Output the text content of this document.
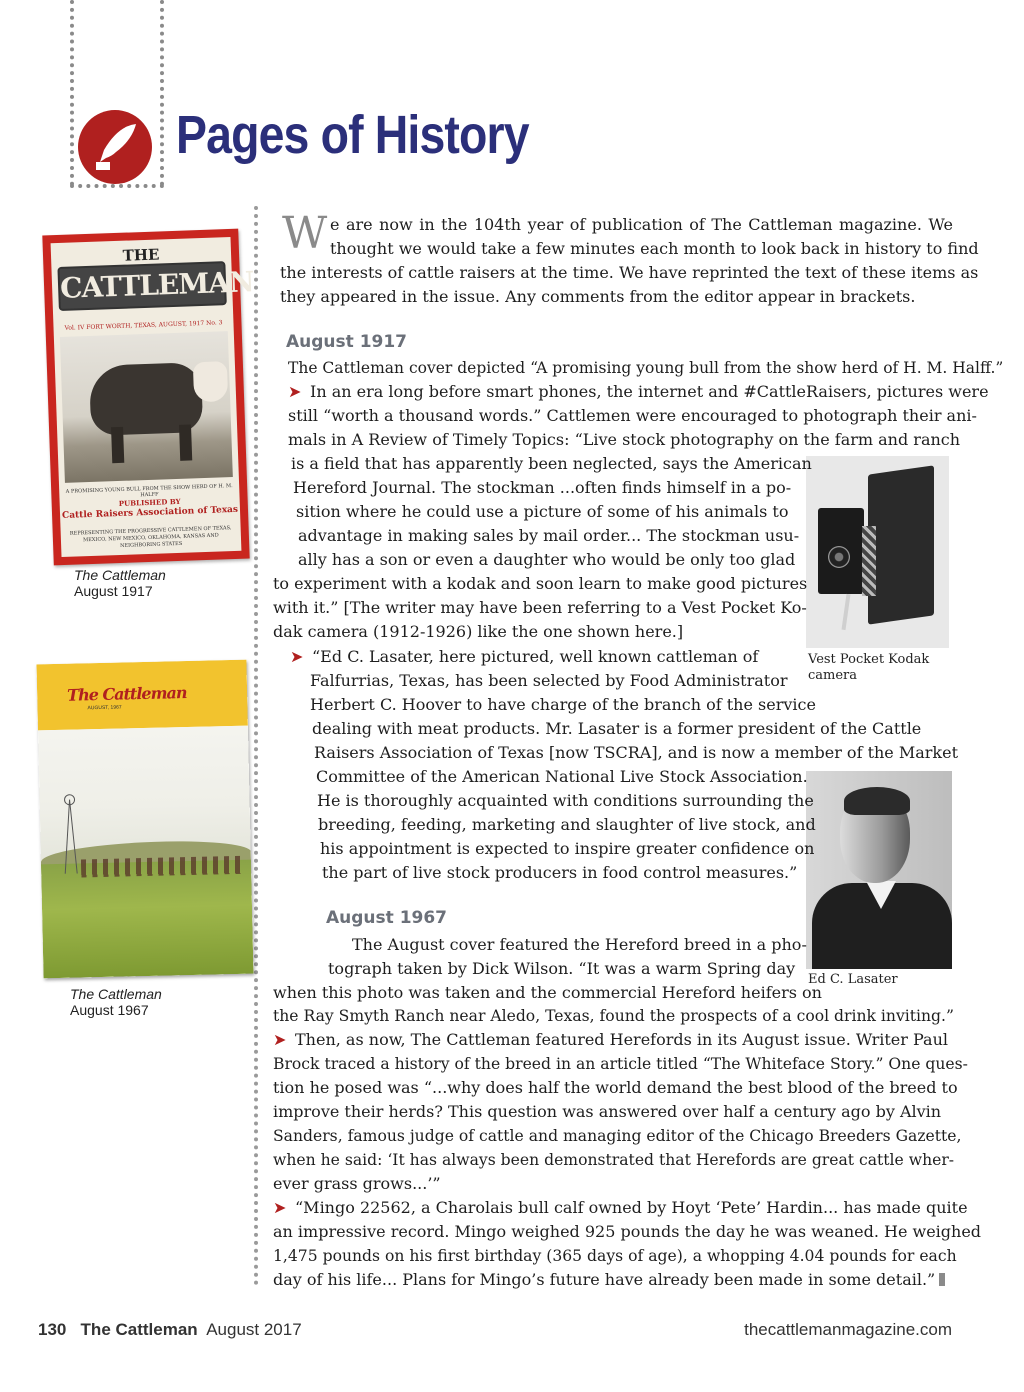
Pages of History
THE
CATTLEMAN
Vol. IV FORT WORTH, TEXAS, AUGUST, 1917 No. 3
A PROMISING YOUNG BULL FROM THE SHOW HERD OF H. M. HALFF
PUBLISHED BY
Cattle Raisers Association of Texas
REPRESENTING THE PROGRESSIVE CATTLEMEN OF TEXAS, MEXICO, NEW MEXICO, OKLAHOMA, KANSAS AND NEIGHBORING STATES
The Cattleman
August 1917
The Cattleman
AUGUST, 1967
The Cattleman
August 1967
Vest Pocket Kodak
camera
Ed C. Lasater
W e are now in the 104th year of publication of The Cattleman magazine. We
thought we would take a few minutes each month to look back in history to find
the interests of cattle raisers at the time. We have reprinted the text of these items as
they appeared in the issue. Any comments from the editor appear in brackets.
August 1917
The Cattleman cover depicted “A promising young bull from the show herd of H. M. Halff.”
➤ In an era long before smart phones, the internet and #CattleRaisers, pictures were
still “worth a thousand words.” Cattlemen were encouraged to photograph their ani-
mals in A Review of Timely Topics: “Live stock photography on the farm and ranch
is a field that has apparently been neglected, says the American
Hereford Journal. The stockman ...often finds himself in a po-
sition where he could use a picture of some of his animals to
advantage in making sales by mail order... The stockman usu-
ally has a son or even a daughter who would be only too glad
to experiment with a kodak and soon learn to make good pictures
with it.” [The writer may have been referring to a Vest Pocket Ko-
dak camera (1912-1926) like the one shown here.]
➤ “Ed C. Lasater, here pictured, well known cattleman of
Falfurrias, Texas, has been selected by Food Administrator
Herbert C. Hoover to have charge of the branch of the service
dealing with meat products. Mr. Lasater is a former president of the Cattle
Raisers Association of Texas [now TSCRA], and is now a member of the Market
Committee of the American National Live Stock Association.
He is thoroughly acquainted with conditions surrounding the
breeding, feeding, marketing and slaughter of live stock, and
his appointment is expected to inspire greater confidence on
the part of live stock producers in food control measures.”
August 1967
The August cover featured the Hereford breed in a pho-
tograph taken by Dick Wilson. “It was a warm Spring day
when this photo was taken and the commercial Hereford heifers on
the Ray Smyth Ranch near Aledo, Texas, found the prospects of a cool drink inviting.”
➤ Then, as now, The Cattleman featured Herefords in its August issue. Writer Paul
Brock traced a history of the breed in an article titled “The Whiteface Story.” One ques-
tion he posed was “...why does half the world demand the best blood of the breed to
improve their herds? This question was answered over half a century ago by Alvin
Sanders, famous judge of cattle and managing editor of the Chicago Breeders Gazette,
when he said: ‘It has always been demonstrated that Herefords are great cattle wher-
ever grass grows...’”
➤ “Mingo 22562, a Charolais bull calf owned by Hoyt ‘Pete’ Hardin... has made quite
an impressive record. Mingo weighed 925 pounds the day he was weaned. He weighed
1,475 pounds on his first birthday (365 days of age), a whopping 4.04 pounds for each
day of his life... Plans for Mingo’s future have already been made in some detail.”
130 The Cattleman August 2017	thecattlemanmagazine.com
